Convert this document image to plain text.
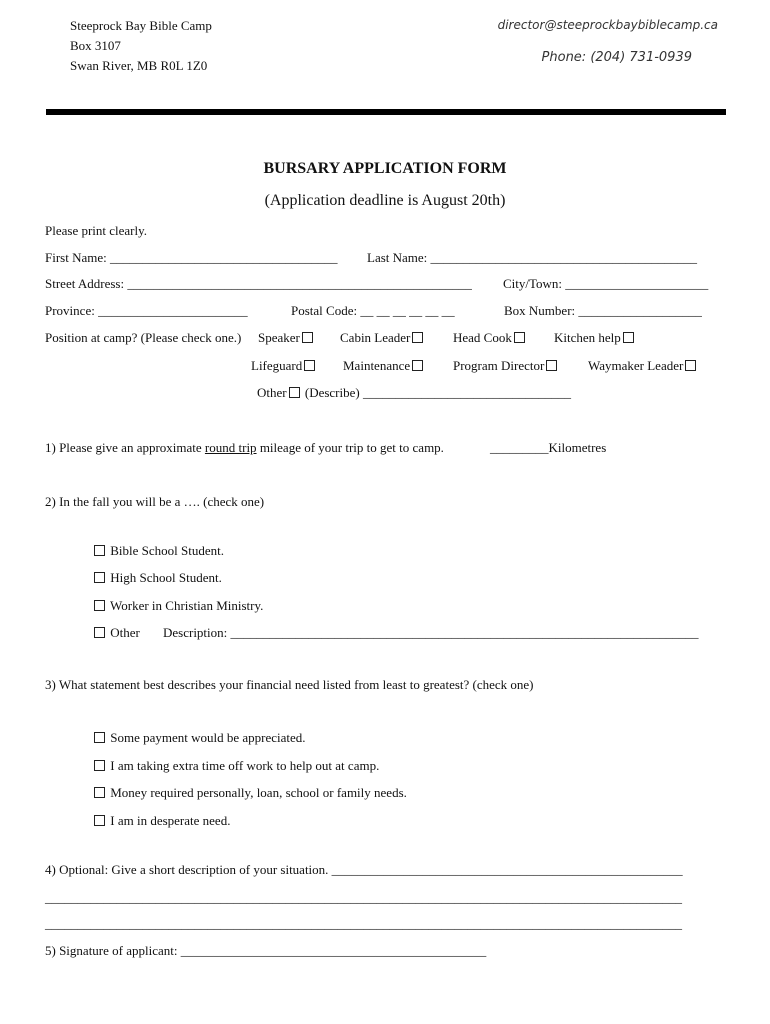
Steeprock Bay Bible Camp
Box 3107
Swan River, MB R0L 1Z0
director@steeprockbaybiblecamp.ca
Phone: (204) 731-0939
BURSARY APPLICATION FORM
(Application deadline is August 20th)
Please print clearly.
First Name: ___________________________________ Last Name: _________________________________________
Street Address: _____________________________________________________ City/Town: ______________________
Province: _______________________	Postal Code: __ __ __ __ __ __	Box Number: ___________________
Position at camp? (Please check one.) Speaker	Cabin Leader	Head Cook	Kitchen help
Lifeguard	Maintenance	Program Director	Waymaker Leader
Other (Describe) ________________________________
1) Please give an approximate round trip mileage of your trip to get to camp.	_________Kilometres
2) In the fall you will be a …. (check one)
Bible School Student.
High School Student.
Worker in Christian Ministry.
Other Description: ________________________________________________________________________
3) What statement best describes your financial need listed from least to greatest? (check one)
Some payment would be appreciated.
I am taking extra time off work to help out at camp.
Money required personally, loan, school or family needs.
I am in desperate need.
4) Optional: Give a short description of your situation. ______________________________________________________
__________________________________________________________________________________________________
__________________________________________________________________________________________________
5) Signature of applicant: _______________________________________________
